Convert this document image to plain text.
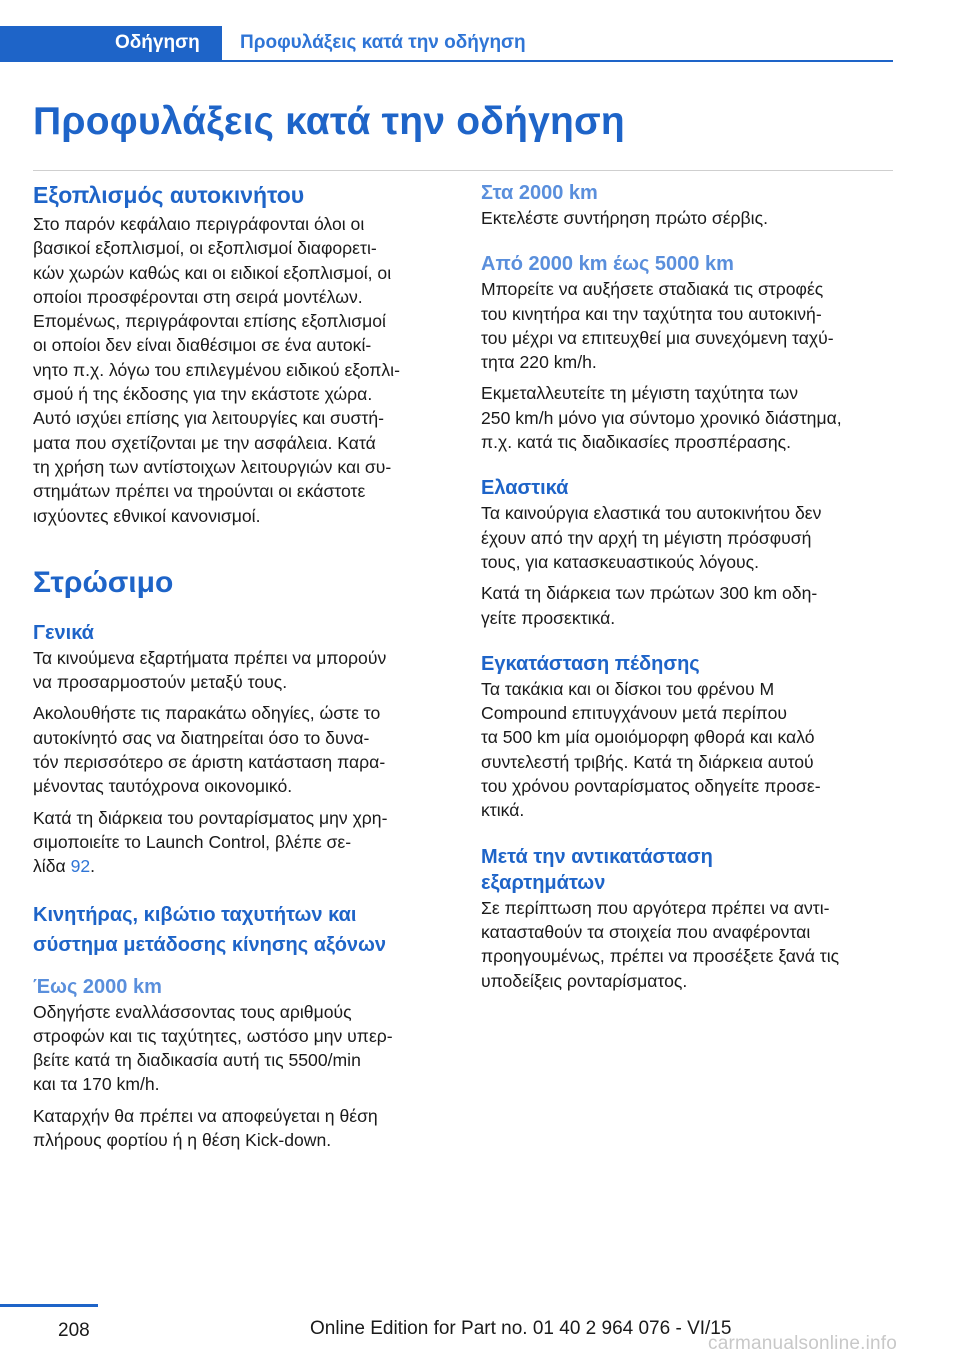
Οδήγηση	Προφυλάξεις κατά την οδήγηση
Προφυλάξεις κατά την οδήγηση
Εξοπλισμός αυτοκινήτου

Στο παρόν κεφάλαιο περιγράφονται όλοι οι
βασικοί εξοπλισμοί, οι εξοπλισμοί διαφορετι-
κών χωρών καθώς και οι ειδικοί εξοπλισμοί, οι
οποίοι προσφέρονται στη σειρά μοντέλων.
Επομένως, περιγράφονται επίσης εξοπλισμοί
οι οποίοι δεν είναι διαθέσιμοι σε ένα αυτοκί-
νητο π.χ. λόγω του επιλεγμένου ειδικού εξοπλι-
σμού ή της έκδοσης για την εκάστοτε χώρα.
Αυτό ισχύει επίσης για λειτουργίες και συστή-
ματα που σχετίζονται με την ασφάλεια. Κατά
τη χρήση των αντίστοιχων λειτουργιών και συ-
στημάτων πρέπει να τηρούνται οι εκάστοτε
ισχύοντες εθνικοί κανονισμοί.

Στρώσιμο
Γενικά

Τα κινούμενα εξαρτήματα πρέπει να μπορούν
να προσαρμοστούν μεταξύ τους.

Ακολουθήστε τις παρακάτω οδηγίες, ώστε το
αυτοκίνητό σας να διατηρείται όσο το δυνα-
τόν περισσότερο σε άριστη κατάσταση παρα-
μένοντας ταυτόχρονα οικονομικό.

Κατά τη διάρκεια του ρονταρίσματος μην χρη-
σιμοποιείτε το Launch Control, βλέπε σε-
λίδα 92.

Κινητήρας, κιβώτιο ταχυτήτων και
σύστημα μετάδοσης κίνησης αξόνων
Έως 2000 km

Οδηγήστε εναλλάσσοντας τους αριθμούς
στροφών και τις ταχύτητες, ωστόσο μην υπερ-
βείτε κατά τη διαδικασία αυτή τις 5500/min
και τα 170 km/h.

Καταρχήν θα πρέπει να αποφεύγεται η θέση
πλήρους φορτίου ή η θέση Kick-down.

Στα 2000 km

Εκτελέστε συντήρηση πρώτο σέρβις.

Από 2000 km έως 5000 km

Μπορείτε να αυξήσετε σταδιακά τις στροφές
του κινητήρα και την ταχύτητα του αυτοκινή-
του μέχρι να επιτευχθεί μια συνεχόμενη ταχύ-
τητα 220 km/h.

Εκμεταλλευτείτε τη μέγιστη ταχύτητα των
250 km/h μόνο για σύντομο χρονικό διάστημα,
π.χ. κατά τις διαδικασίες προσπέρασης.

Ελαστικά

Τα καινούργια ελαστικά του αυτοκινήτου δεν
έχουν από την αρχή τη μέγιστη πρόσφυσή
τους, για κατασκευαστικούς λόγους.

Κατά τη διάρκεια των πρώτων 300 km οδη-
γείτε προσεκτικά.

Εγκατάσταση πέδησης

Τα τακάκια και οι δίσκοι του φρένου M
Compound επιτυγχάνουν μετά περίπου
τα 500 km μία ομοιόμορφη φθορά και καλό
συντελεστή τριβής. Κατά τη διάρκεια αυτού
του χρόνου ρονταρίσματος οδηγείτε προσε-
κτικά.

Μετά την αντικατάσταση
εξαρτημάτων

Σε περίπτωση που αργότερα πρέπει να αντι-
κατασταθούν τα στοιχεία που αναφέρονται
προηγουμένως, πρέπει να προσέξετε ξανά τις
υποδείξεις ρονταρίσματος.

208	Online Edition for Part no. 01 40 2 964 076 - VI/15
carmanualsonline.info
